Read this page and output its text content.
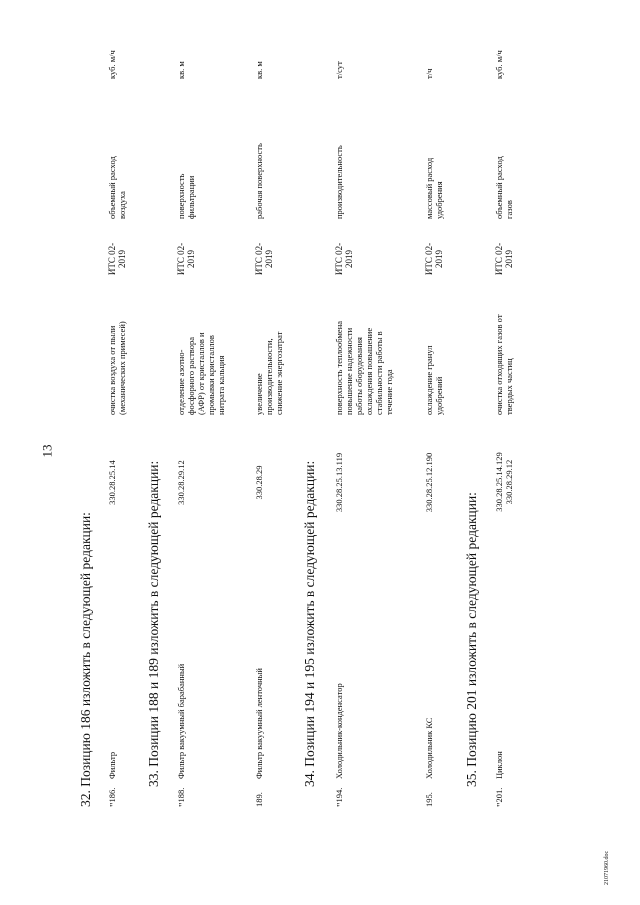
13
32. Позицию 186 изложить в следующей редакции: "186.
Фильтр
330.28.25.14
очистка воздуха от пыли (механических примесей)
ИТС 02-2019
объемный расход воздуха
куб. м/ч
33. Позиции 188 и 189 изложить в следующей редакции:
"188.
Фильтр вакуумный барабанный
330.28.29.12
отделение азотно-фосфорного раствора (АФР) от кристаллов и промывки кристаллов нитрата кальция
ИТС 02-2019
поверхность фильтрации
кв. м
189.
Фильтр вакуумный ленточный
330.28.29
увеличение производительности, снижение энергозатрат
ИТС 02-2019
рабочая поверхность
кв. м
34. Позиции 194 и 195 изложить в следующей редакции:
"194.
Холодильник-конденсатор
330.28.25.13.119
поверхность теплообмена повышение надежности работы оборудования охлаждения повышение стабильности работы в течение года
ИТС 02-2019
производительность
т/сут
195.
Холодильник КС
330.28.25.12.190
охлаждение гранул удобрений
ИТС 02-2019
массовый расход удобрения
т/ч
35. Позицию 201 изложить в следующей редакции:
"201.
Циклон
330.28.25.14.129 330.28.29.12
очистка отходящих газов от твердых частиц
ИТС 02-2019
объемный расход газов
куб. м/ч
21071960.doc
